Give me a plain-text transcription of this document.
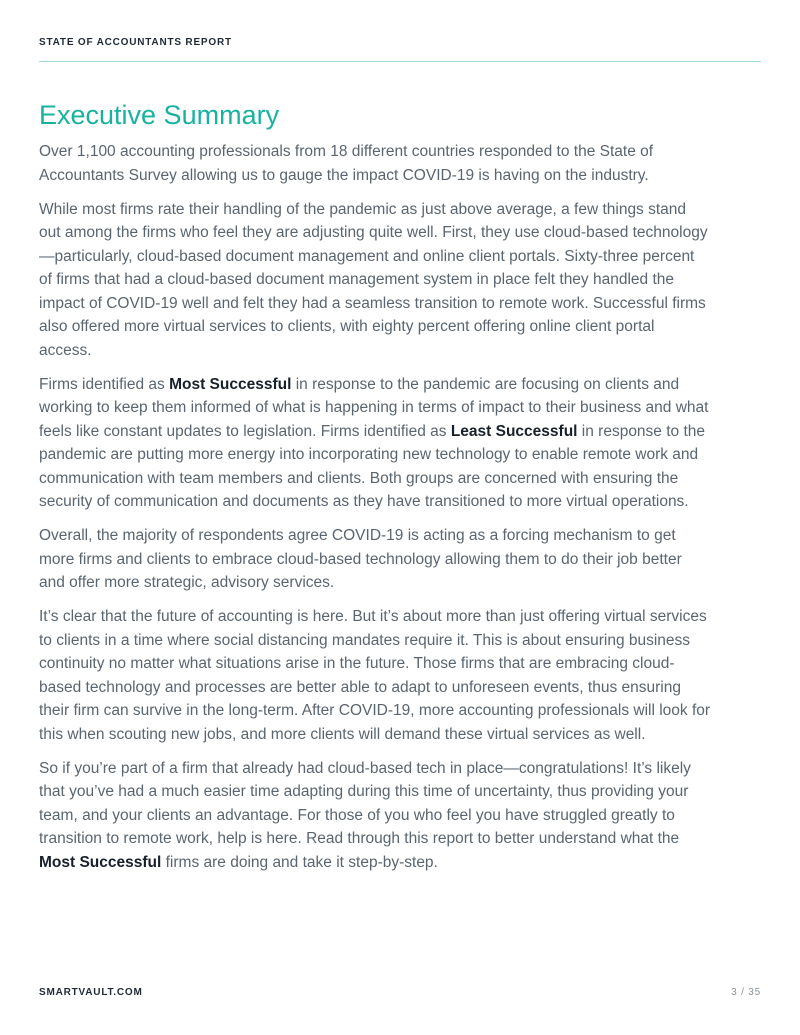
STATE OF ACCOUNTANTS REPORT
Executive Summary

Over 1,100 accounting professionals from 18 different countries responded to the State of Accountants Survey allowing us to gauge the impact COVID-19 is having on the industry.

While most firms rate their handling of the pandemic as just above average, a few things stand out among the firms who feel they are adjusting quite well. First, they use cloud-based technology—particularly, cloud-based document management and online client portals. Sixty-three percent of firms that had a cloud-based document management system in place felt they handled the impact of COVID-19 well and felt they had a seamless transition to remote work. Successful firms also offered more virtual services to clients, with eighty percent offering online client portal access.

Firms identified as Most Successful in response to the pandemic are focusing on clients and working to keep them informed of what is happening in terms of impact to their business and what feels like constant updates to legislation. Firms identified as Least Successful in response to the pandemic are putting more energy into incorporating new technology to enable remote work and communication with team members and clients. Both groups are concerned with ensuring the security of communication and documents as they have transitioned to more virtual operations.

Overall, the majority of respondents agree COVID-19 is acting as a forcing mechanism to get more firms and clients to embrace cloud-based technology allowing them to do their job better and offer more strategic, advisory services.

It’s clear that the future of accounting is here. But it’s about more than just offering virtual services to clients in a time where social distancing mandates require it. This is about ensuring business continuity no matter what situations arise in the future. Those firms that are embracing cloud-based technology and processes are better able to adapt to unforeseen events, thus ensuring their firm can survive in the long-term. After COVID-19, more accounting professionals will look for this when scouting new jobs, and more clients will demand these virtual services as well.

So if you’re part of a firm that already had cloud-based tech in place—congratulations! It’s likely that you’ve had a much easier time adapting during this time of uncertainty, thus providing your team, and your clients an advantage. For those of you who feel you have struggled greatly to transition to remote work, help is here. Read through this report to better understand what the Most Successful firms are doing and take it step-by-step.

SMARTVAULT.COM	3 / 35
